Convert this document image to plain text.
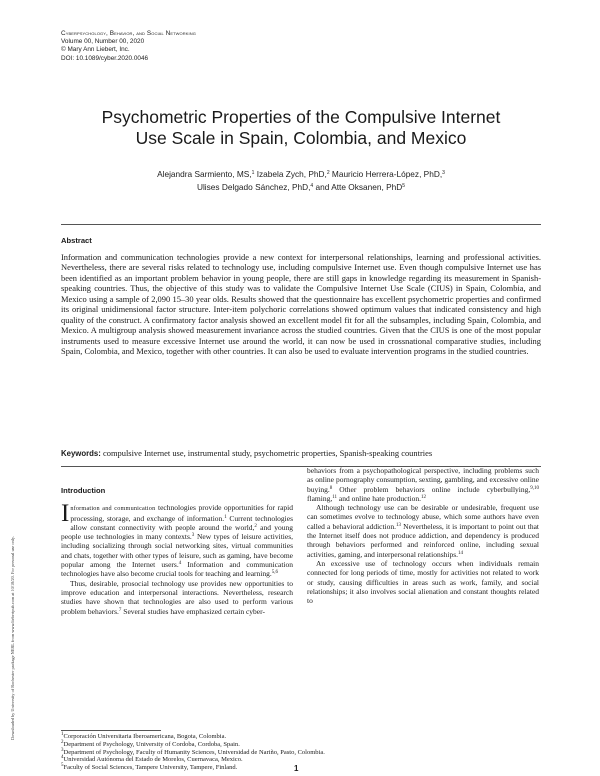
Cyberpsychology, Behavior, and Social Networking
Volume 00, Number 00, 2020
© Mary Ann Liebert, Inc.
DOI: 10.1089/cyber.2020.0046
Downloaded by University of Rochester package NERL from www.liebertpub.com at 10/18/20. For personal use only.
Psychometric Properties of the Compulsive Internet
Use Scale in Spain, Colombia, and Mexico
Alejandra Sarmiento, MS,$^1$ Izabela Zych, PhD,$^2$ Mauricio Herrera-López, PhD,$^3$
Ulises Delgado Sánchez, PhD,$^4$ and Atte Oksanen, PhD$^5$
Abstract
Information and communication technologies provide a new context for interpersonal relationships, learning and professional activities. Nevertheless, there are several risks related to technology use, including compulsive Internet use. Even though compulsive Internet use has been identified as an important problem behavior in young people, there are still gaps in knowledge regarding its measurement in Spanish-speaking countries. Thus, the objective of this study was to validate the Compulsive Internet Use Scale (CIUS) in Spain, Colombia, and Mexico using a sample of 2,090 15–30 year olds. Results showed that the questionnaire has excellent psychometric properties and confirmed its original unidimensional factor structure. Inter-item polychoric correlations showed optimum values that indicated consistency and high quality of the construct. A confirmatory factor analysis showed an excellent model fit for all the subsamples, including Spain, Colombia, and Mexico. A multigroup analysis showed measurement invariance across the studied countries. Given that the CIUS is one of the most popular instruments used to measure excessive Internet use around the world, it can now be used in crossnational comparative studies, including Spain, Colombia, and Mexico, together with other countries. It can also be used to evaluate intervention programs in the studied countries.
Keywords: compulsive Internet use, instrumental study, psychometric properties, Spanish-speaking countries
Introduction

Information and communication technologies provide opportunities for rapid processing, storage, and exchange of information.$^1$ Current technologies allow constant connectivity with people around the world,$^2$ and young people use technologies in many contexts.$^3$ New types of leisure activities, including socializing through social networking sites, virtual communities and chats, together with other types of leisure, such as gaming, have become popular among the Internet users.$^4$ Information and communication technologies have also become crucial tools for teaching and learning.$^{5,6}$

Thus, desirable, prosocial technology use provides new opportunities to improve education and interpersonal interactions. Nevertheless, research studies have shown that technologies are also used to perform various problem behaviors.$^7$ Several studies have emphasized certain cyber-

behaviors from a psychopathological perspective, including problems such as online pornography consumption, sexting, gambling, and excessive online buying.$^8$ Other problem behaviors online include cyberbullying,$^{9,10}$ flaming,$^{11}$ and online hate production.$^{12}$

Although technology use can be desirable or undesirable, frequent use can sometimes evolve to technology abuse, which some authors have even called a behavioral addiction.$^{13}$ Nevertheless, it is important to point out that the Internet itself does not produce addiction, and dependency is produced through behaviors performed and reinforced online, including sexual activities, gaming, and interpersonal relationships.$^{14}$

An excessive use of technology occurs when individuals remain connected for long periods of time, mostly for activities not related to work or study, causing difficulties in areas such as work, family, and social relationships; it also involves social alienation and constant thoughts related to

$^1$Corporación Universitaria Iberoamericana, Bogota, Colombia.
$^2$Department of Psychology, University of Cordoba, Cordoba, Spain.
$^3$Department of Psychology, Faculty of Humanity Sciences, Universidad de Nariño, Pasto, Colombia.
$^4$Universidad Autónoma del Estado de Morelos, Cuernavaca, Mexico.
$^5$Faculty of Social Sciences, Tampere University, Tampere, Finland.	1
